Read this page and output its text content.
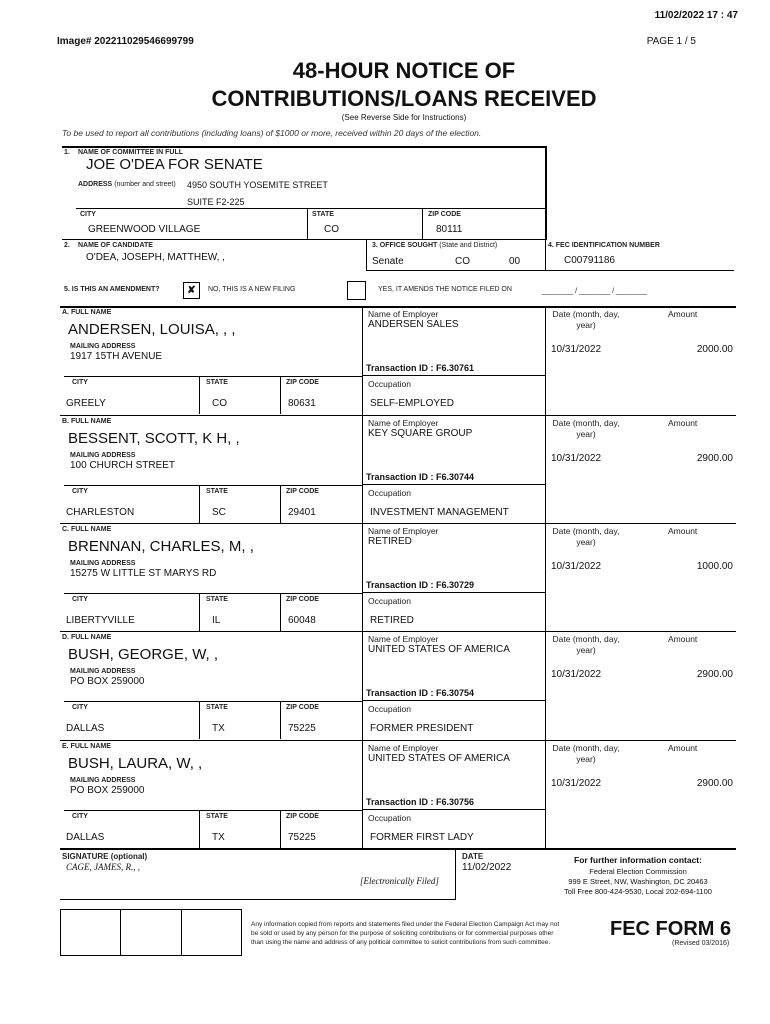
11/02/2022 17 : 47
Image# 202211029546699799	PAGE 1 / 5
48-HOUR NOTICE OF
CONTRIBUTIONS/LOANS RECEIVED
(See Reverse Side for Instructions)
To be used to report all contributions (including loans) of $1000 or more, received within 20 days of the election.
1. NAME OF COMMITTEE IN FULL
JOE O'DEA FOR SENATE
ADDRESS (number and street) 4950 SOUTH YOSEMITE STREET
SUITE F2-225
CITY	STATE	ZIP CODE
GREENWOOD VILLAGE	CO	80111
2. NAME OF CANDIDATE
O'DEA, JOSEPH, MATTHEW, ,
3. OFFICE SOUGHT (State and District)
Senate	CO	00
4. FEC IDENTIFICATION NUMBER
C00791186
5. IS THIS AN AMENDMENT?	✘	NO, THIS IS A NEW FILING	YES, IT AMENDS THE NOTICE FILED ON	________ / ________ / ________
A. FULL NAME
ANDERSEN, LOUISA, , ,
MAILING ADDRESS
1917 15TH AVENUE
CITY	STATE	ZIP CODE
GREELY	CO	80631
Name of Employer
ANDERSEN SALES
Transaction ID : F6.30761
Occupation
SELF-EMPLOYED
Date (month, day, year)
Amount
10/31/2022	2000.00
B. FULL NAME
BESSENT, SCOTT, K H, ,
MAILING ADDRESS
100 CHURCH STREET
CITY	STATE	ZIP CODE
CHARLESTON	SC	29401
Name of Employer
KEY SQUARE GROUP
Transaction ID : F6.30744
Occupation
INVESTMENT MANAGEMENT
Date (month, day, year)
Amount
10/31/2022	2900.00
C. FULL NAME
BRENNAN, CHARLES, M, ,
MAILING ADDRESS
15275 W LITTLE ST MARYS RD
CITY	STATE	ZIP CODE
LIBERTYVILLE	IL	60048
Name of Employer
RETIRED
Transaction ID : F6.30729
Occupation
RETIRED
Date (month, day, year)
Amount
10/31/2022	1000.00
D. FULL NAME
BUSH, GEORGE, W, ,
MAILING ADDRESS
PO BOX 259000
CITY	STATE	ZIP CODE
DALLAS	TX	75225
Name of Employer
UNITED STATES OF AMERICA
Transaction ID : F6.30754
Occupation
FORMER PRESIDENT
Date (month, day, year)
Amount
10/31/2022	2900.00
E. FULL NAME
BUSH, LAURA, W, ,
MAILING ADDRESS
PO BOX 259000
CITY	STATE	ZIP CODE
DALLAS	TX	75225
Name of Employer
UNITED STATES OF AMERICA
Transaction ID : F6.30756
Occupation
FORMER FIRST LADY
Date (month, day, year)
Amount
10/31/2022	2900.00
SIGNATURE (optional)
CAGE, JAMES, R., ,
[Electronically Filed]
DATE
11/02/2022
For further information contact:
Federal Election Commission
999 E Street, NW, Washington, DC 20463
Toll Free 800-424-9530, Local 202-694-1100
Any information copied from reports and statements filed under the Federal Election Campaign Act may not
be sold or used by any person for the purpose of soliciting contributions or for commercial purposes other
than using the name and address of any political committee to solicit contributions from such committee.
FEC FORM 6
(Revised 03/2016)
